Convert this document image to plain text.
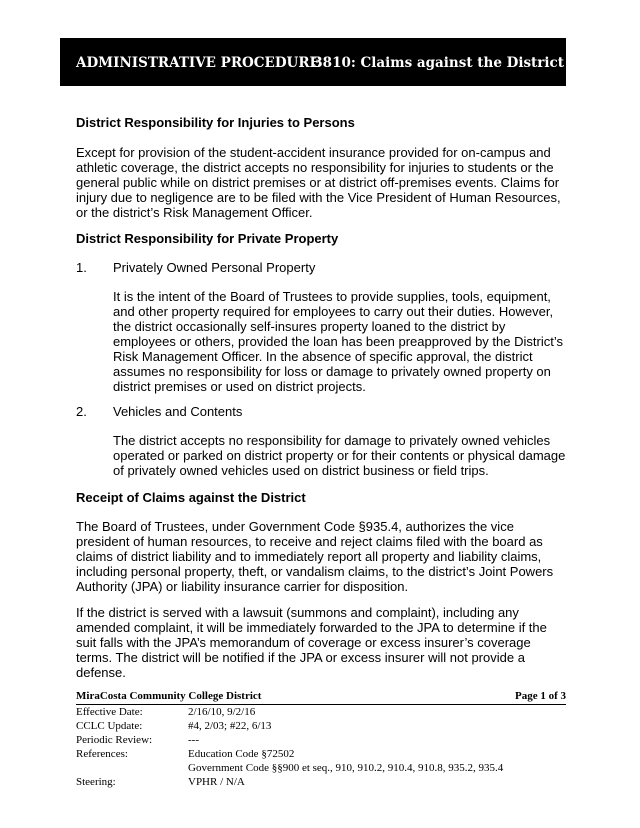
ADMINISTRATIVE PROCEDURE
3810: Claims against the District
District Responsibility for Injuries to Persons
Except for provision of the student-accident insurance provided for on-campus and athletic coverage, the district accepts no responsibility for injuries to students or the general public while on district premises or at district off-premises events. Claims for injury due to negligence are to be filed with the Vice President of Human Resources, or the district’s Risk Management Officer.
District Responsibility for Private Property
1. Privately Owned Personal Property
It is the intent of the Board of Trustees to provide supplies, tools, equipment, and other property required for employees to carry out their duties. However, the district occasionally self-insures property loaned to the district by employees or others, provided the loan has been preapproved by the District’s Risk Management Officer. In the absence of specific approval, the district assumes no responsibility for loss or damage to privately owned property on district premises or used on district projects.
2. Vehicles and Contents
The district accepts no responsibility for damage to privately owned vehicles operated or parked on district property or for their contents or physical damage of privately owned vehicles used on district business or field trips.
Receipt of Claims against the District
The Board of Trustees, under Government Code §935.4, authorizes the vice president of human resources, to receive and reject claims filed with the board as claims of district liability and to immediately report all property and liability claims, including personal property, theft, or vandalism claims, to the district’s Joint Powers Authority (JPA) or liability insurance carrier for disposition.
If the district is served with a lawsuit (summons and complaint), including any amended complaint, it will be immediately forwarded to the JPA to determine if the suit falls with the JPA’s memorandum of coverage or excess insurer’s coverage terms. The district will be notified if the JPA or excess insurer will not provide a defense.
MiraCosta Community College District	Page 1 of 3
Effective Date:	2/16/10, 9/2/16
CCLC Update:	#4, 2/03; #22, 6/13
Periodic Review:	---
References:	Education Code §72502
Government Code §§900 et seq., 910, 910.2, 910.4, 910.8, 935.2, 935.4
Steering:	VPHR / N/A
